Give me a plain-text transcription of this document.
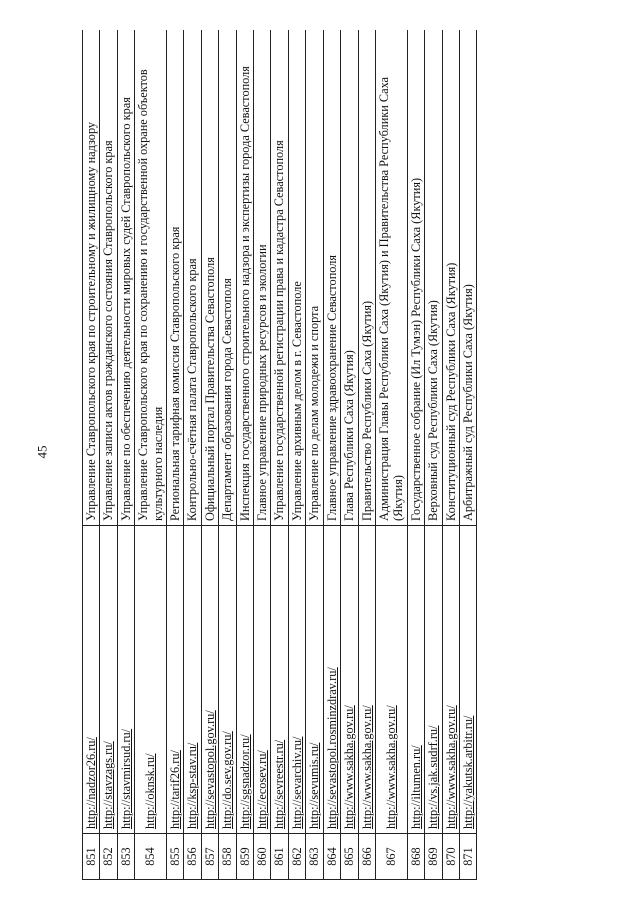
45
851	http://nadzor26.ru/	Управление Ставропольского края по строительному и жилищному надзору
852	http://stavzags.ru/	Управление записи актов гражданского состояния Ставропольского края
853	http://stavmirsud.ru/	Управление по обеспечению деятельности мировых судей Ставропольского края
854	http://oknsk.ru/	Управление Ставропольского края по сохранению и государственной охране объектов культурного наследия
855	http://tarif26.ru/	Региональная тарифная комиссия Ставропольского края
856	http://ksp-stav.ru/	Контрольно-счётная палата Ставропольского края
857	http://sevastopol.gov.ru/	Официальный портал Правительства Севастополя
858	http://do.sev.gov.ru/	Департамент образования города Севастополя
859	http://sgsnadzor.ru/	Инспекция государственного строительного надзора и экспертизы города Севастополя
860	http://ecosev.ru/	Главное управление природных ресурсов и экологии
861	http://sevreestr.ru/	Управление государственной регистрации права и кадастра Севастополя
862	http://sevarchiv.ru/	Управление архивным делом в г. Севастополе
863	http://sevumis.ru/	Управление по делам молодежи и спорта
864	http://sevastopol.rosminzdrav.ru/	Главное управление здравоохранение Севастополя
865	http://www.sakha.gov.ru/	Глава Республики Саха (Якутия)
866	http://www.sakha.gov.ru/	Правительство Республики Саха (Якутия)
867	http://www.sakha.gov.ru/	Администрация Главы Республики Саха (Якутия) и Правительства Республики Саха (Якутия)
868	http://iltumen.ru/	Государственное собрание (Ил Тумэн) Республики Саха (Якутия)
869	http://vs.jak.sudrf.ru/	Верховный суд Республики Саха (Якутия)
870	http://www.sakha.gov.ru/	Конституционный суд Республики Саха (Якутия)
871	http://yakutsk.arbitr.ru/	Арбитражный суд Республики Саха (Якутия)
